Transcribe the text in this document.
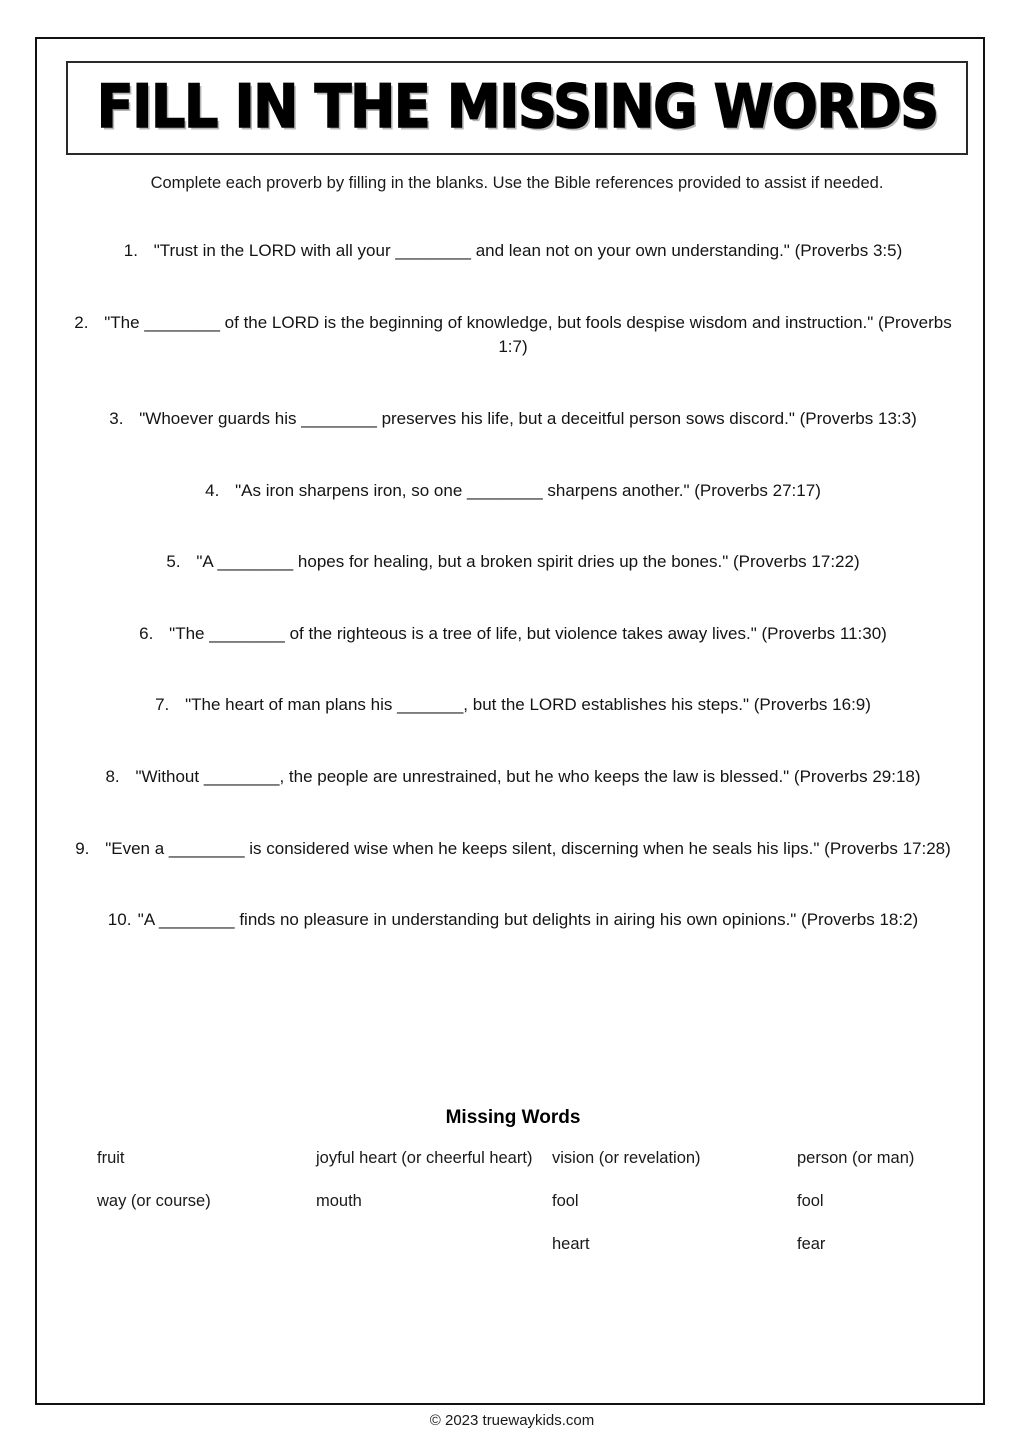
FILL IN THE MISSING WORDS
Complete each proverb by filling in the blanks. Use the Bible references provided to assist if needed.
1. "Trust in the LORD with all your ________ and lean not on your own understanding." (Proverbs 3:5)
2. "The ________ of the LORD is the beginning of knowledge, but fools despise wisdom and instruction." (Proverbs 1:7)
3. "Whoever guards his ________ preserves his life, but a deceitful person sows discord." (Proverbs 13:3)
4. "As iron sharpens iron, so one ________ sharpens another." (Proverbs 27:17)
5. "A ________ hopes for healing, but a broken spirit dries up the bones." (Proverbs 17:22)
6. "The ________ of the righteous is a tree of life, but violence takes away lives." (Proverbs 11:30)
7. "The heart of man plans his _______, but the LORD establishes his steps." (Proverbs 16:9)
8. "Without ________, the people are unrestrained, but he who keeps the law is blessed." (Proverbs 29:18)
9. "Even a ________ is considered wise when he keeps silent, discerning when he seals his lips." (Proverbs 17:28)
10. "A ________ finds no pleasure in understanding but delights in airing his own opinions." (Proverbs 18:2)
Missing Words
fruit
way (or course)
joyful heart (or cheerful heart)
mouth
vision (or revelation)
fool
heart
person (or man)
fool
fear
© 2023 truewaykids.com
